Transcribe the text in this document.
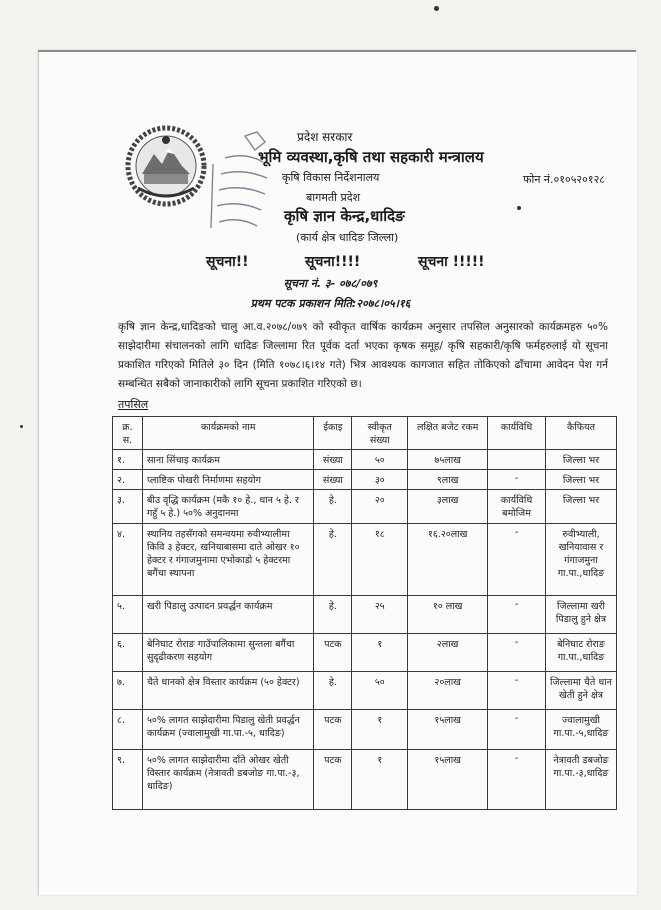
प्रदेश सरकार
भूमि व्यवस्था,कृषि तथा सहकारी मन्त्रालय
कृषि विकास निर्देशनालय
बागमती प्रदेश
कृषि ज्ञान केन्द्र,धादिङ
(कार्य क्षेत्र धादिङ जिल्ला)
फोन नं.०१०५२०१२८
सूचना!!	सूचना!!!!	सूचना !!!!!
सूचना नं. ३- ०७८/०७९
प्रथम पटक प्रकाशन मिति:२०७८।०५।१६
कृषि ज्ञान केन्द्र,धादिङको चालु आ.व.२०७८/०७९ को स्वीकृत वार्षिक कार्यक्रम अनुसार तपसिल अनुसारको कार्यक्रमहरु ५०% साझेदारीमा संचालनको लागि धादिङ जिल्लामा रित पूर्वक दर्ता भएका कृषक समूह/ कृषि सहकारी/कृषि फर्महरुलाई यो सूचना प्रकाशित गरिएको मितिले ३० दिन (मिति १०७८।६।१४ गते) भित्र आवश्यक कागजात सहित तोकिएको ढाँचामा आवेदन पेश गर्न सम्बन्धित सबैको जानाकारीको लागि सूचना प्रकाशित गरिएको छ।
तपसिल
क्र. स.	कार्यक्रमको नाम	ईकाइ	स्वीकृत संख्या	लक्षित बजेट रकम	कार्यविधि	कैफियत
१.	साना सिंचाइ कार्यक्रम	संख्या	५०	७५लाख		जिल्ला भर
२.	प्लाष्टिक पोखरी निर्माणमा सहयोग	संख्या	३०	९लाख	-	जिल्ला भर
३.	बीउ वृद्धि कार्यक्रम (मकै १० हे., धान ५ हे. र गहुँ ५ हे.) ५०% अनुदानमा	हे.	२०	३लाख	कार्यविधि बमोजिम	जिल्ला भर
४.	स्थानिय तहसँगको समन्वयमा रुवीभ्यालीमा किवि ३ हेक्टर, खनियाबासमा दाते ओखर १० हेक्टर र गंगाजमुनामा एभोकाडो ५ हेक्टरमा बगैंचा स्थापना	हे.	१८	१६.२०लाख	-	रुवीभ्याली, खनियावास र गंगाजमुना गा.पा.,धादिङ
५.	खरी पिडालु उत्पादन प्रवर्द्धन कार्यक्रम	हे.	२५	१० लाख	-	जिल्लामा खरी पिडालु हुने क्षेत्र
६.	बेनिघाट रोराङ गाउँपालिकामा सुन्तला बगैंचा सुदृढीकरण सहयोग	पटक	१	२लाख	-	बेनिघाट रोराङ गा.पा.,धादिङ
७.	चैते धानको क्षेत्र विस्तार कार्यक्रम (५० हेक्टर)	हे.	५०	२०लाख	-	जिल्लामा चैते धान खेती हुने क्षेत्र
८.	५०% लागत साझेदारीमा पिडालु खेती प्रवर्द्धन कार्यक्रम (ज्वालामुखी गा.पा.-५, धादिङ)	पटक	१	१५लाख	-	ज्वालामुखी गा.पा.-५,धादिङ
९.	५०% लागत साझेदारीमा दाँते ओखर खेती विस्तार कार्यक्रम (नेत्रावती डबजोङ गा.पा.-३, धादिङ)	पटक	१	१५लाख	-	नेत्रावती डबजोङ गा.पा.-३,धादिङ
